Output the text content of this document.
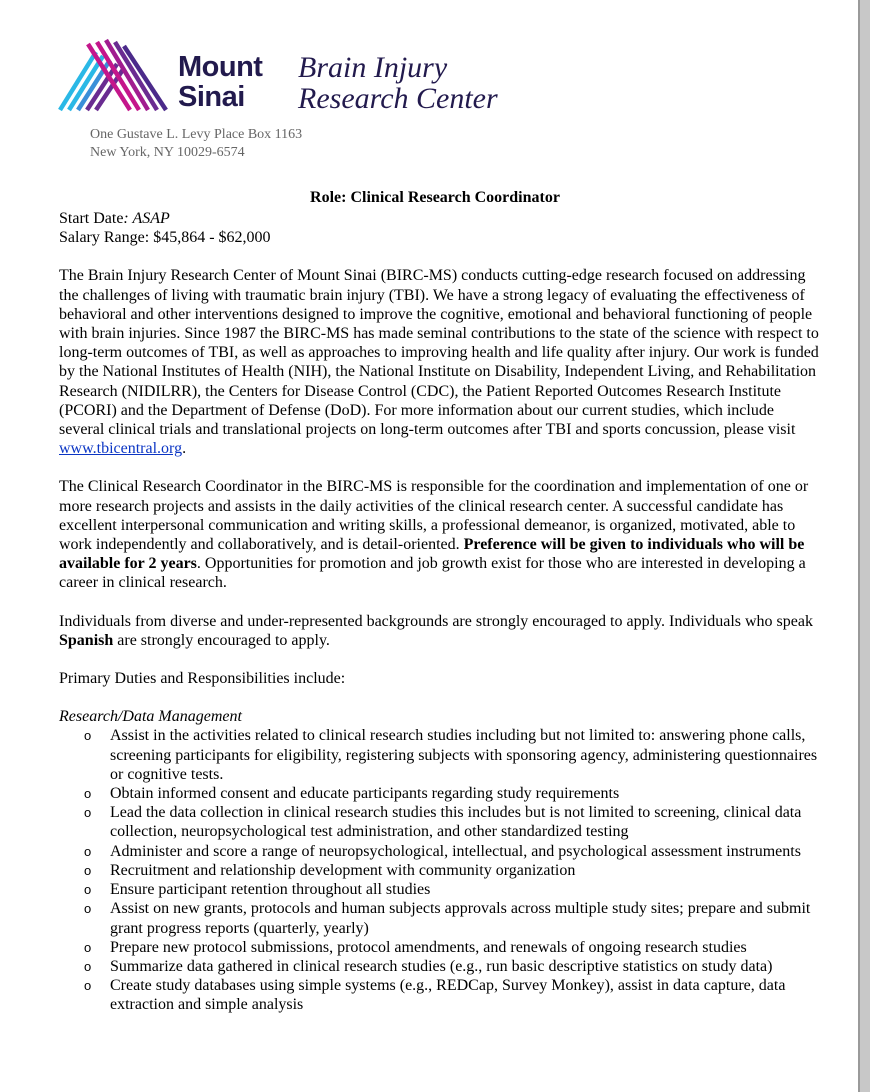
Mount
Sinai
Brain Injury
Research Center
One Gustave L. Levy Place Box 1163
New York, NY 10029-6574
Role: Clinical Research Coordinator

Start Date: ASAP

Salary Range: $45,864 - $62,000

The Brain Injury Research Center of Mount Sinai (BIRC-MS) conducts cutting-edge research focused on addressing the challenges of living with traumatic brain injury (TBI). We have a strong legacy of evaluating the effectiveness of behavioral and other interventions designed to improve the cognitive, emotional and behavioral functioning of people with brain injuries. Since 1987 the BIRC-MS has made seminal contributions to the state of the science with respect to long-term outcomes of TBI, as well as approaches to improving health and life quality after injury. Our work is funded by the National Institutes of Health (NIH), the National Institute on Disability, Independent Living, and Rehabilitation Research (NIDILRR), the Centers for Disease Control (CDC), the Patient Reported Outcomes Research Institute (PCORI) and the Department of Defense (DoD). For more information about our current studies, which include several clinical trials and translational projects on long-term outcomes after TBI and sports concussion, please visit www.tbicentral.org.

The Clinical Research Coordinator in the BIRC-MS is responsible for the coordination and implementation of one or more research projects and assists in the daily activities of the clinical research center. A successful candidate has excellent interpersonal communication and writing skills, a professional demeanor, is organized, motivated, able to work independently and collaboratively, and is detail-oriented. Preference will be given to individuals who will be available for 2 years. Opportunities for promotion and job growth exist for those who are interested in developing a career in clinical research.

Individuals from diverse and under-represented backgrounds are strongly encouraged to apply. Individuals who speak Spanish are strongly encouraged to apply.

Primary Duties and Responsibilities include:

Research/Data Management

o Assist in the activities related to clinical research studies including but not limited to: answering phone calls, screening participants for eligibility, registering subjects with sponsoring agency, administering questionnaires or cognitive tests.
o Obtain informed consent and educate participants regarding study requirements
o Lead the data collection in clinical research studies this includes but is not limited to screening, clinical data collection, neuropsychological test administration, and other standardized testing
o Administer and score a range of neuropsychological, intellectual, and psychological assessment instruments
o Recruitment and relationship development with community organization
o Ensure participant retention throughout all studies
o Assist on new grants, protocols and human subjects approvals across multiple study sites; prepare and submit grant progress reports (quarterly, yearly)
o Prepare new protocol submissions, protocol amendments, and renewals of ongoing research studies
o Summarize data gathered in clinical research studies (e.g., run basic descriptive statistics on study data)
o Create study databases using simple systems (e.g., REDCap, Survey Monkey), assist in data capture, data extraction and simple analysis
